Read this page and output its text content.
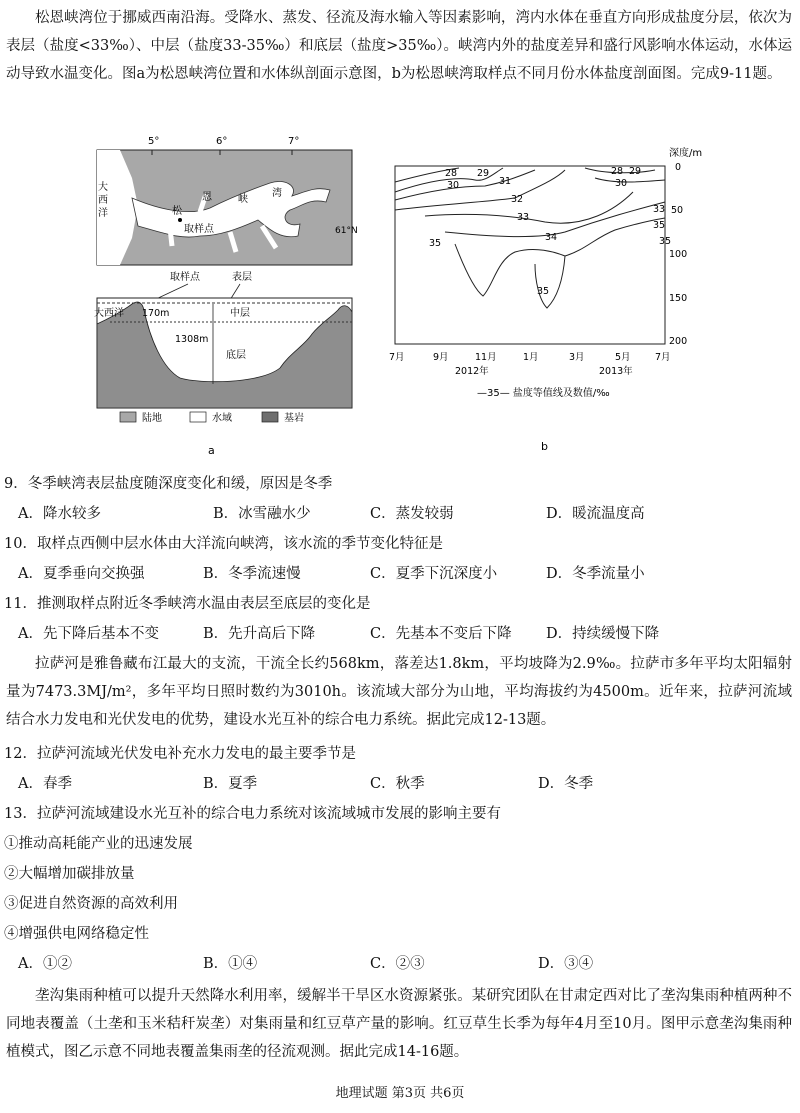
松恩峡湾位于挪威西南沿海。受降水、蒸发、径流及海水输入等因素影响，湾内水体在垂直方向形成盐度分层，依次为表层（盐度<33‰）、中层（盐度33-35‰）和底层（盐度>35‰）。峡湾内外的盐度差异和盛行风影响水体运动，水体运动导致水温变化。图a为松恩峡湾位置和水体纵剖面示意图，b为松恩峡湾取样点不同月份水体盐度剖面图。完成9-11题。
5°	6°	7°
61°N
大
西
洋	松
恩	峡
湾
取样点
取样点	表层
大西洋 170m	中层
1308m
底层
陆地	水域	基岩
a
深度/m
0
50
100
150
200
28 29
30	31
32
33
34
35
35
35
28 29
30
33
35
7月	9月	11月	1月	3月	5月	7月
2012年	2013年
—35— 盐度等值线及数值/‰
b
9．冬季峡湾表层盐度随深度变化和缓，原因是冬季
A．降水较多	B．冰雪融水少	C．蒸发较弱	D．暖流温度高
10．取样点西侧中层水体由大洋流向峡湾，该水流的季节变化特征是
A．夏季垂向交换强	B．冬季流速慢	C．夏季下沉深度小	D．冬季流量小
11．推测取样点附近冬季峡湾水温由表层至底层的变化是
A．先下降后基本不变	B．先升高后下降	C．先基本不变后下降 D．持续缓慢下降
拉萨河是雅鲁藏布江最大的支流，干流全长约568km，落差达1.8km，平均坡降为2.9‰。拉萨市多年平均太阳辐射量为7473.3MJ/m²，多年平均日照时数约为3010h。该流域大部分为山地，平均海拔约为4500m。近年来，拉萨河流域结合水力发电和光伏发电的优势，建设水光互补的综合电力系统。据此完成12-13题。
12．拉萨河流域光伏发电补充水力发电的最主要季节是
A．春季	B．夏季	C．秋季	D．冬季
13．拉萨河流域建设水光互补的综合电力系统对该流域城市发展的影响主要有
①推动高耗能产业的迅速发展
②大幅增加碳排放量
③促进自然资源的高效利用
④增强供电网络稳定性
A．①②	B．①④	C．②③	D．③④
垄沟集雨种植可以提升天然降水利用率，缓解半干旱区水资源紧张。某研究团队在甘肃定西对比了垄沟集雨种植两种不同地表覆盖（土垄和玉米秸秆炭垄）对集雨量和红豆草产量的影响。红豆草生长季为每年4月至10月。图甲示意垄沟集雨种植模式，图乙示意不同地表覆盖集雨垄的径流观测。据此完成14-16题。
地理试题 第3页 共6页
